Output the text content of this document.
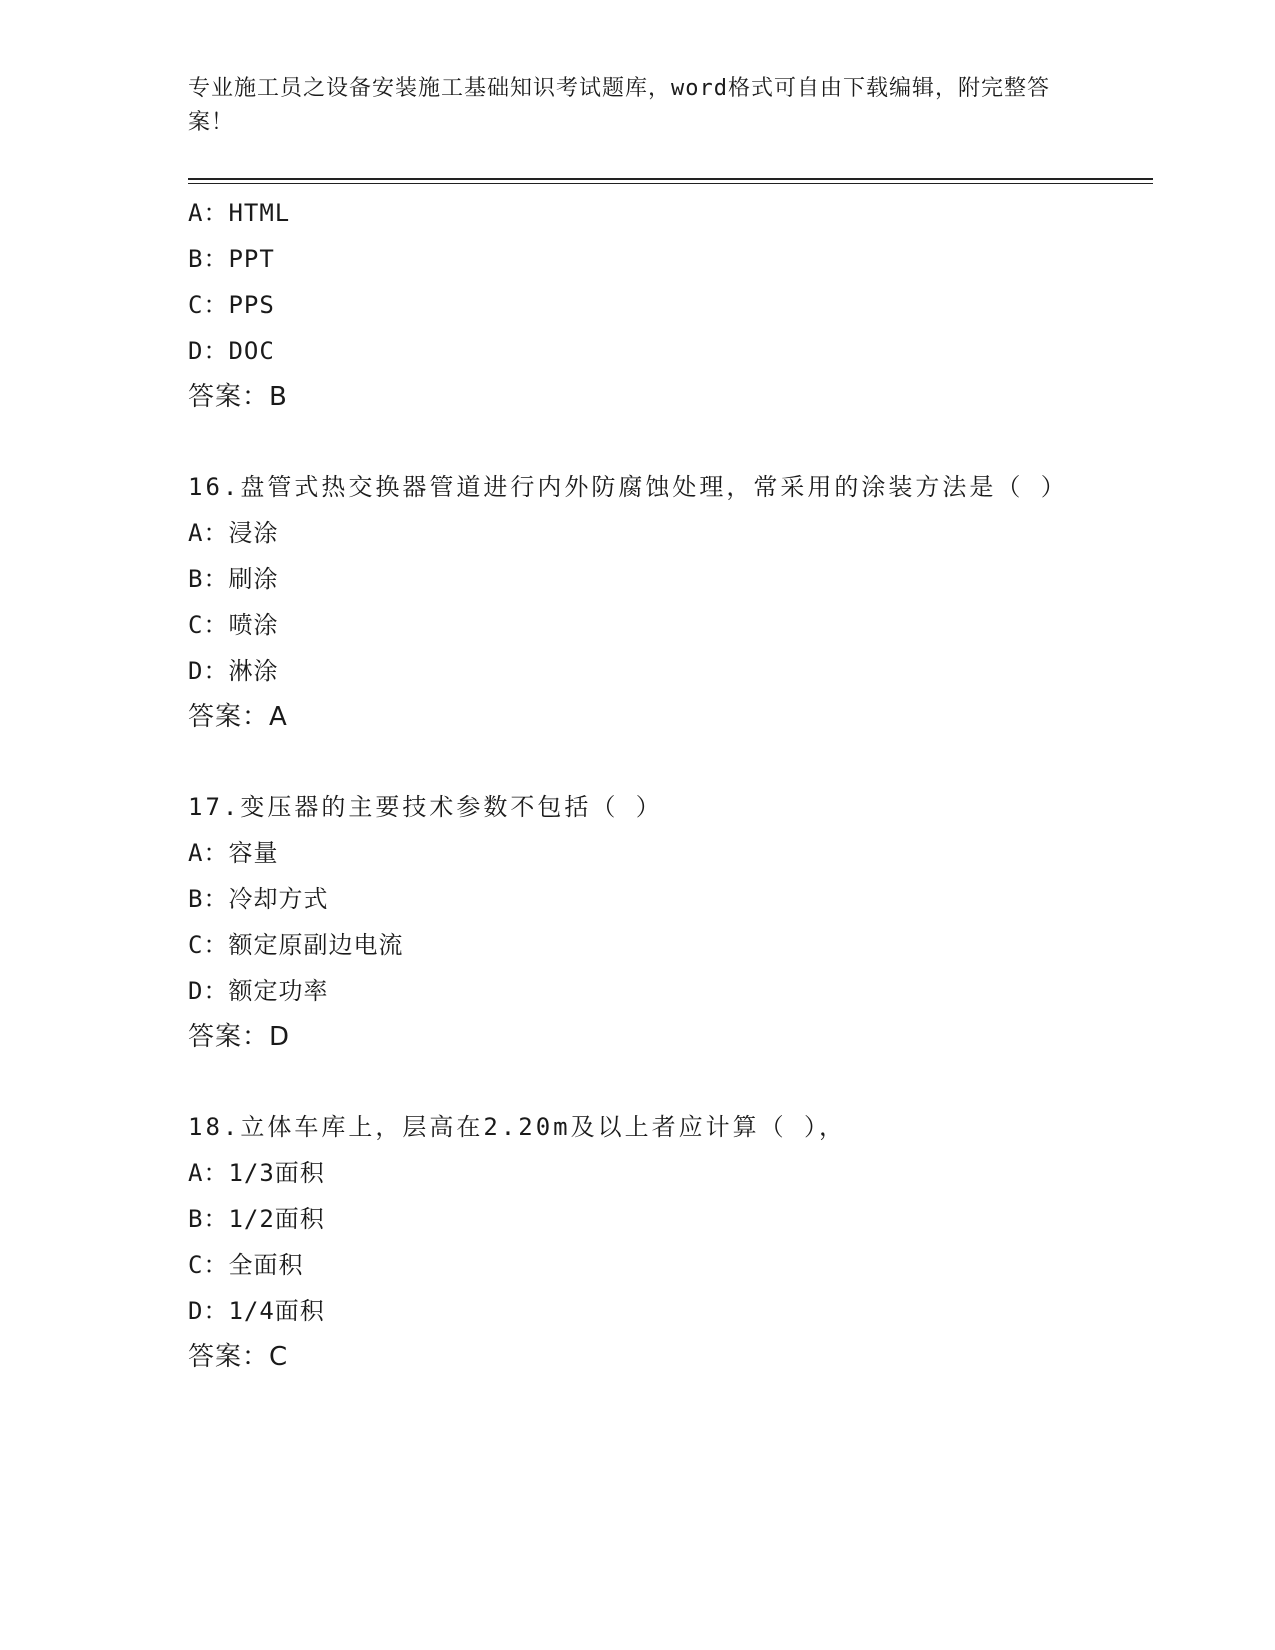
专业施工员之设备安装施工基础知识考试题库，word格式可自由下载编辑，附完整答案！
A：HTML
B：PPT
C：PPS
D：DOC
答案：B
16.盘管式热交换器管道进行内外防腐蚀处理，常采用的涂装方法是（ ）
A：浸涂
B：刷涂
C：喷涂
D：淋涂
答案：A
17.变压器的主要技术参数不包括（ ）
A：容量
B：冷却方式
C：额定原副边电流
D：额定功率
答案：D
18.立体车库上，层高在2.20m及以上者应计算（ ），
A：1/3面积
B：1/2面积
C：全面积
D：1/4面积
答案：C
